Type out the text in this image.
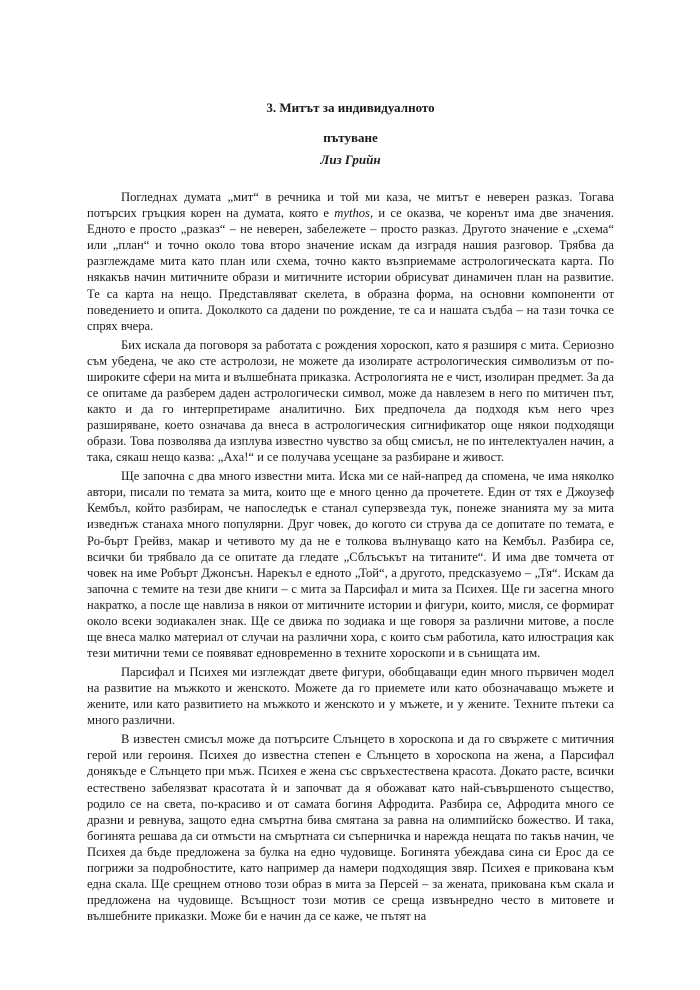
3. Митът за индивидуалното
пътуване
Лиз Грийн

Погледнах думата „мит“ в речника и той ми каза, че митът е неверен разказ. Тогава потърсих гръцкия корен на думата, която е mythos, и се оказва, че коренът има две значения. Едното е просто „разказ“ – не неверен, забележете – просто разказ. Другото значение е „схема“ или „план“ и точно около това второ значение искам да изградя нашия разговор. Трябва да разглеждаме мита като план или схема, точно както възприемаме астрологическата карта. По някакъв начин митичните образи и митичните истории обрисуват динамичен план на развитие. Те са карта на нещо. Представляват скелета, в образна форма, на основни компоненти от поведението и опита. Доколкото са дадени по рождение, те са и нашата съдба – на тази точка се спрях вчера.

Бих искала да поговоря за работата с рождения хороскоп, като я разширя с мита. Сериозно съм убедена, че ако сте астролози, не можете да изолирате астрологическия символизъм от по-широките сфери на мита и вълшебната приказка. Астрологията не е чист, изолиран предмет. За да се опитаме да разберем даден астрологически символ, може да навлезем в него по митичен път, както и да го интерпретираме аналитично. Бих предпочела да подходя към него чрез разширяване, което означава да внеса в астрологическия сигнификатор още някои подходящи образи. Това позволява да изплува известно чувство за общ смисъл, не по интелектуален начин, а така, сякаш нещо казва: „Аха!“ и се получава усещане за разбиране и живост.

Ще започна с два много известни мита. Иска ми се най-напред да спомена, че има няколко автори, писали по темата за мита, които ще е много ценно да прочетете. Един от тях е Джоузеф Кембъл, който разбирам, че напоследък е станал суперзвезда тук, понеже знанията му за мита изведнъж станаха много популярни. Друг човек, до когото си струва да се допитате по темата, е Ро-бърт Грейвз, макар и четивото му да не е толкова вълнуващо като на Кембъл. Разбира се, всички би трябвало да се опитате да гледате „Сблъсъкът на титаните“. И има две томчета от човек на име Робърт Джонсън. Нарекъл е едното „Той“, а другото, предсказуемо – „Тя“. Искам да започна с темите на тези две книги – с мита за Парсифал и мита за Психея. Ще ги засегна много накратко, а после ще навлиза в някои от митичните истории и фигури, които, мисля, се формират около всеки зодиакален знак. Ще се движа по зодиака и ще говоря за различни митове, а после ще внеса малко материал от случаи на различни хора, с които съм работила, като илюстрация как тези митични теми се появяват едновременно в техните хороскопи и в сънищата им.

Парсифал и Психея ми изглеждат двете фигури, обобщаващи един много първичен модел на развитие на мъжкото и женското. Можете да го приемете или като обозначаващо мъжете и жените, или като развитието на мъжкото и женското и у мъжете, и у жените. Техните пътеки са много различни.

В известен смисъл може да потърсите Слънцето в хороскопа и да го свържете с митичния герой или героиня. Психея до известна степен е Слънцето в хороскопа на жена, а Парсифал донякъде е Слънцето при мъж. Психея е жена със свръхестествена красота. Докато расте, всички естествено забелязват красотата ѝ и започват да я обожават като най-съвършеното същество, родило се на света, по-красиво и от самата богиня Афродита. Разбира се, Афродита много се дразни и ревнува, защото една смъртна бива смятана за равна на олимпийско божество. И така, богинята решава да си отмъсти на смъртната си съперничка и нарежда нещата по такъв начин, че Психея да бъде предложена за булка на едно чудовище. Богинята убеждава сина си Ерос да се погрижи за подробностите, като например да намери подходящия звяр. Психея е прикована към една скала. Ще срещнем отново този образ в мита за Персей – за жената, прикована към скала и предложена на чудовище. Всъщност този мотив се среща извънредно често в митовете и вълшебните приказки. Може би е начин да се каже, че пътят на
